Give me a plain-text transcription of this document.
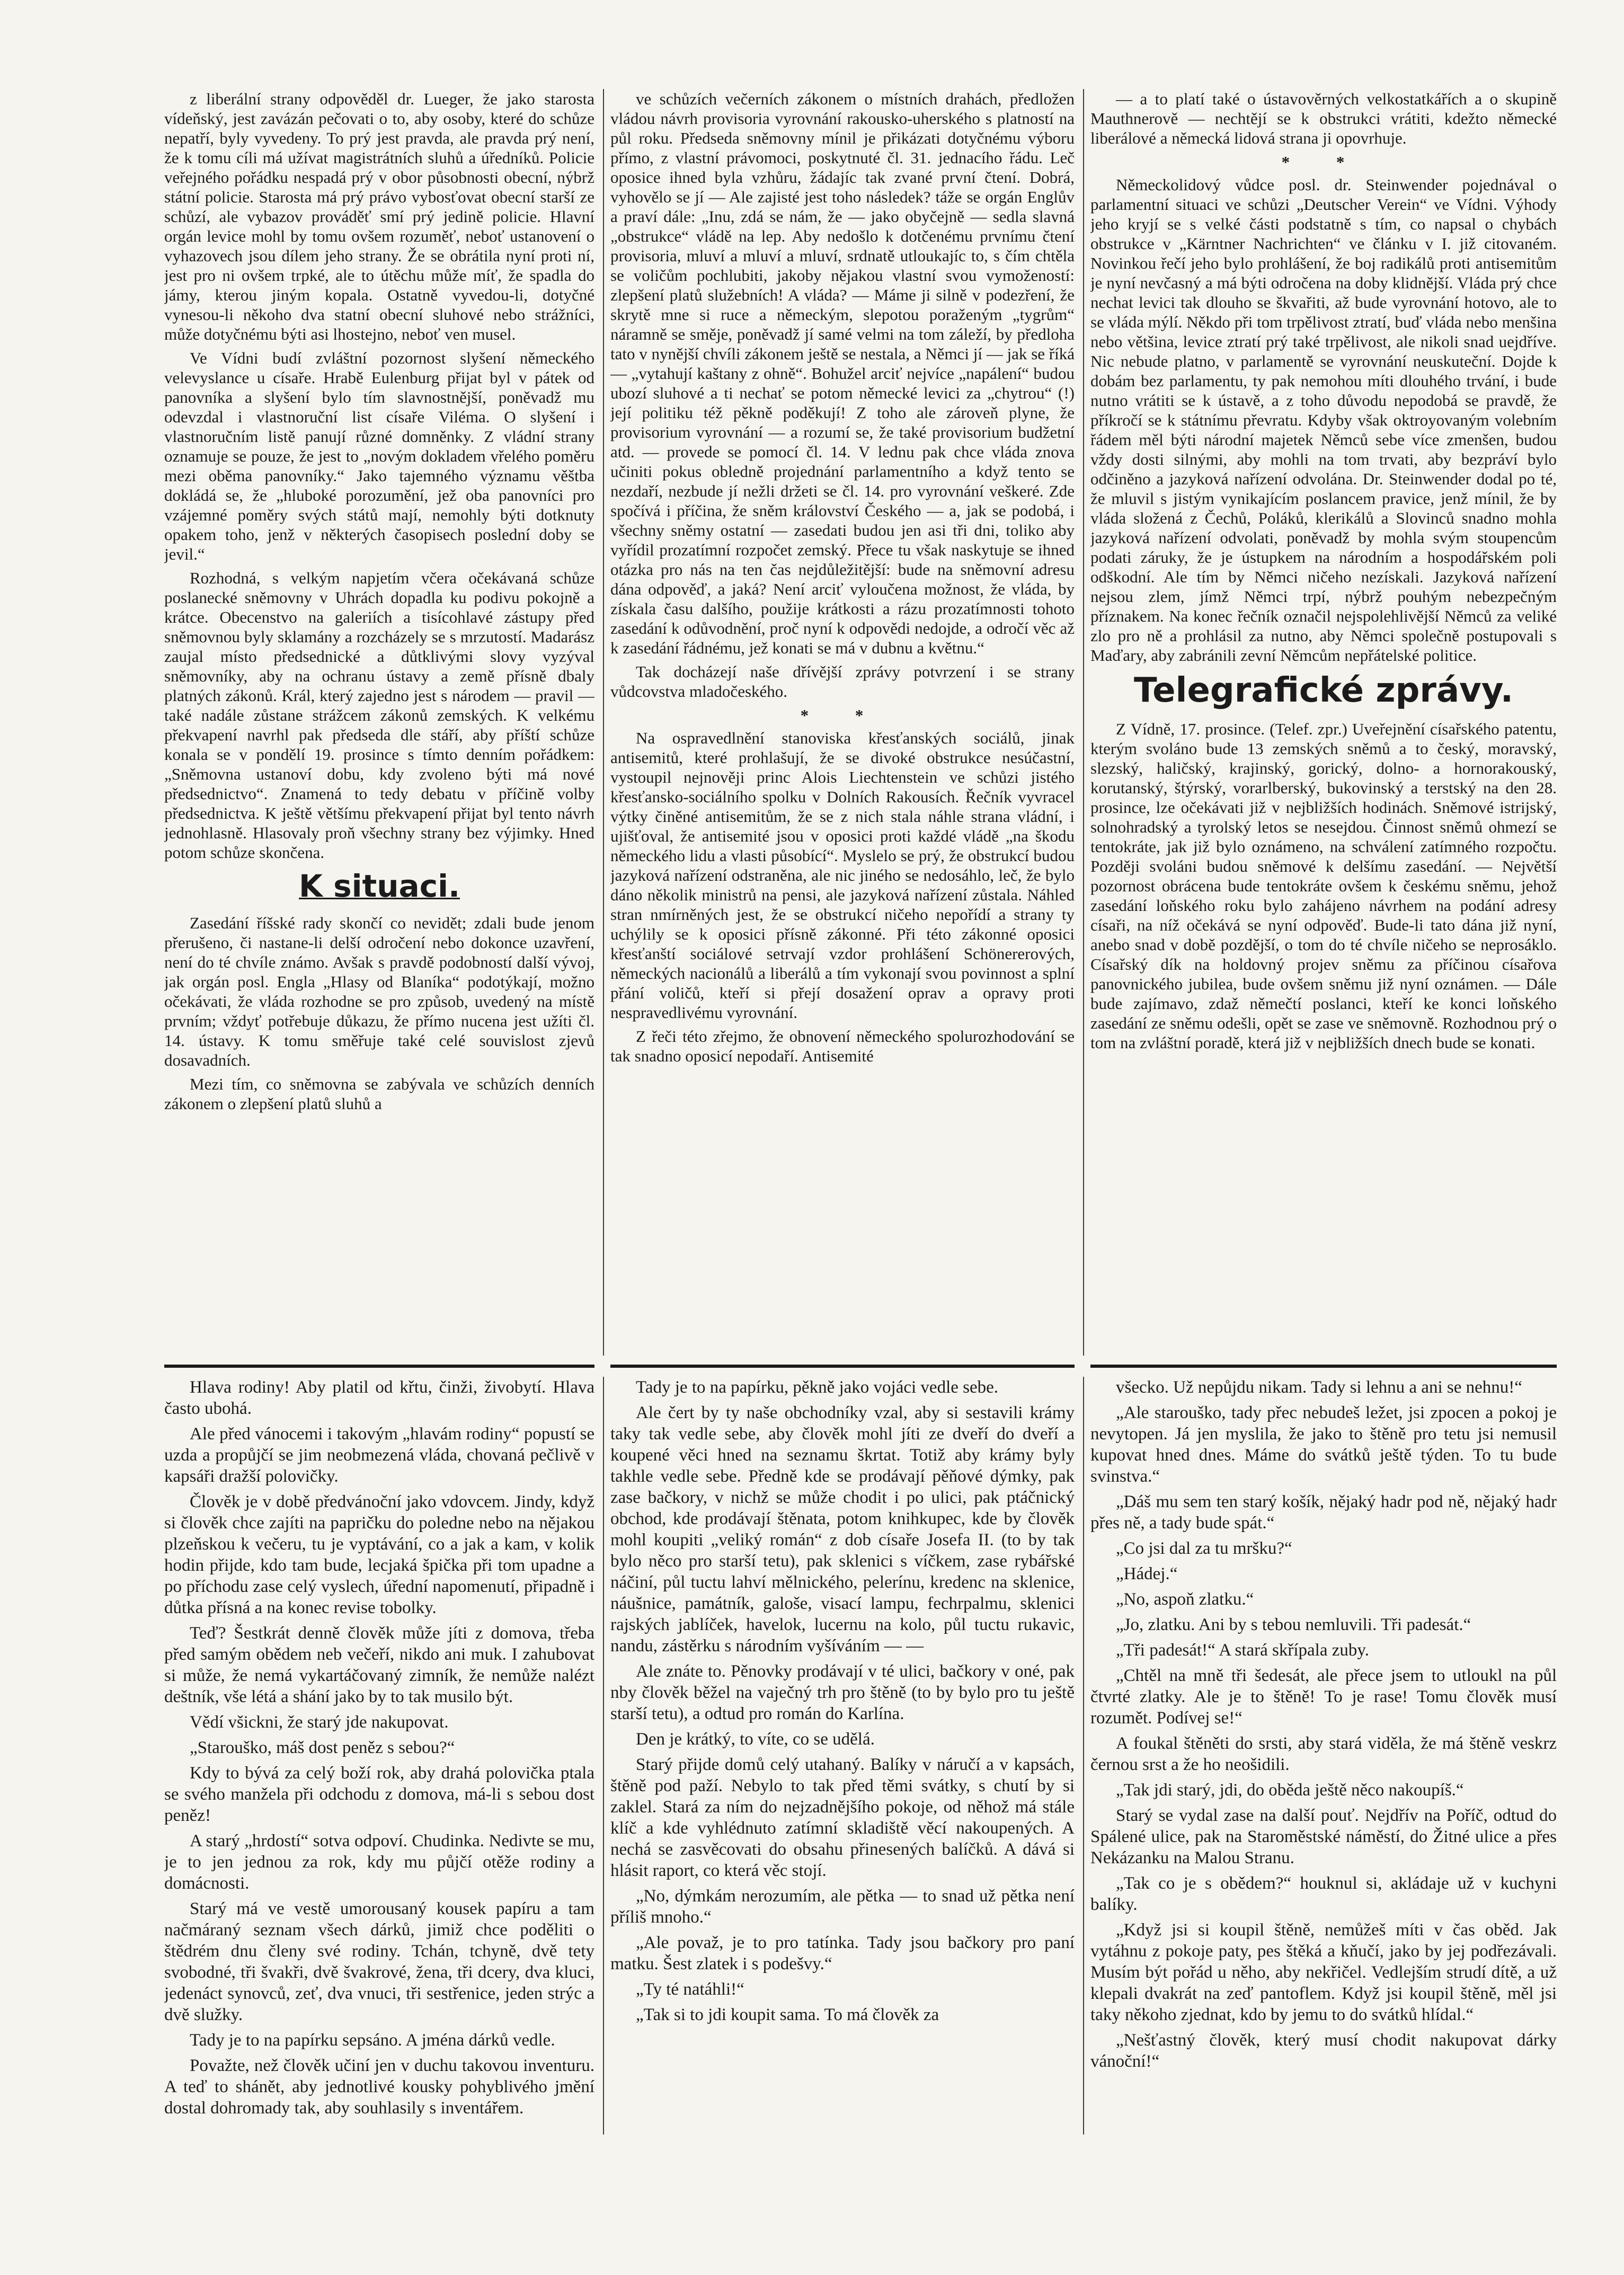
z liberální strany odpověděl dr. Lueger, že jako starosta vídeňský, jest zavázán pečovati o to, aby osoby, které do schůze nepatří, byly vyvedeny. To prý jest pravda, ale pravda prý není, že k tomu cíli má užívat magistrátních sluhů a úředníků. Policie veřejného pořádku nespadá prý v obor působnosti obecní, nýbrž státní policie. Starosta má prý právo vybosťovat obecní starší ze schůzí, ale vybazov prováděť smí prý jedině policie. Hlavní orgán levice mohl by tomu ovšem rozuměť, neboť ustanovení o vyhazovech jsou dílem jeho strany. Že se obrátila nyní proti ní, jest pro ni ovšem trpké, ale to útěchu může míť, že spadla do jámy, kterou jiným kopala. Ostatně vyvedou-li, dotyčné vynesou-li někoho dva statní obecní sluhové nebo strážníci, může dotyčnému býti asi lhostejno, neboť ven musel.

Ve Vídni budí zvláštní pozornost slyšení německého velevyslance u císaře. Hrabě Eulenburg přijat byl v pátek od panovníka a slyšení bylo tím slavnostnější, poněvadž mu odevzdal i vlastnoruční list císaře Viléma. O slyšení i vlastnoručním listě panují různé domněnky. Z vládní strany oznamuje se pouze, že jest to „novým dokladem vřelého poměru mezi oběma panovníky.“ Jako tajemného významu věštba dokládá se, že „hluboké porozumění, jež oba panovníci pro vzájemné poměry svých států mají, nemohly býti dotknuty opakem toho, jenž v některých časopisech poslední doby se jevil.“

Rozhodná, s velkým napjetím včera očekávaná schůze poslanecké sněmovny v Uhrách dopadla ku podivu pokojně a krátce. Obecenstvo na galeriích a tisícohlavé zástupy před sněmovnou byly sklamány a rozcházely se s mrzutostí. Madarász zaujal místo předsednické a důtklivými slovy vyzýval sněmovníky, aby na ochranu ústavy a země přísně dbaly platných zákonů. Král, který zajedno jest s národem — pravil — také nadále zůstane strážcem zákonů zemských. K velkému překvapení navrhl pak předseda dle stáří, aby příští schůze konala se v pondělí 19. prosince s tímto denním pořádkem: „Sněmovna ustanoví dobu, kdy zvoleno býti má nové předsednictvo“. Znamená to tedy debatu v příčině volby předsednictva. K ještě většímu překvapení přijat byl tento návrh jednohlasně. Hlasovaly proň všechny strany bez výjimky. Hned potom schůze skončena.

K situaci.

Zasedání říšské rady skončí co nevidět; zdali bude jenom přerušeno, či nastane-li delší odročení nebo dokonce uzavření, není do té chvíle známo. Avšak s pravdě podobností další vývoj, jak orgán posl. Engla „Hlasy od Blaníka“ podotýkají, možno očekávati, že vláda rozhodne se pro způsob, uvedený na místě prvním; vždyť potřebuje důkazu, že přímo nucena jest užíti čl. 14. ústavy. K tomu směřuje také celé souvislost zjevů dosavadních.

Mezi tím, co sněmovna se zabývala ve schůzích denních zákonem o zlepšení platů sluhů a

ve schůzích večerních zákonem o místních drahách, předložen vládou návrh provisoria vyrovnání rakousko-uherského s platností na půl roku. Předseda sněmovny mínil je přikázati dotyčnému výboru přímo, z vlastní právomoci, poskytnuté čl. 31. jednacího řádu. Leč oposice ihned byla vzhůru, žádajíc tak zvané první čtení. Dobrá, vyhovělo se jí — Ale zajisté jest toho následek? táže se orgán Englův a praví dále: „Inu, zdá se nám, že — jako obyčejně — sedla slavná „obstrukce“ vládě na lep. Aby nedošlo k dotčenému prvnímu čtení provisoria, mluví a mluví a mluví, srdnatě utloukajíc to, s čím chtěla se voličům pochlubiti, jakoby nějakou vlastní svou vymožeností: zlepšení platů služebních! A vláda? — Máme ji silně v podezření, že skrytě mne si ruce a německým, slepotou poraženým „tygrům“ náramně se směje, poněvadž jí samé velmi na tom záleží, by předloha tato v nynější chvíli zákonem ještě se nestala, a Němci jí — jak se říká — „vytahují kaštany z ohně“. Bohužel arciť nejvíce „napálení“ budou ubozí sluhové a ti nechať se potom německé levici za „chytrou“ (!) její politiku též pěkně poděkují! Z toho ale zároveň plyne, že provisorium vyrovnání — a rozumí se, že také provisorium budžetní atd. — provede se pomocí čl. 14. V lednu pak chce vláda znova učiniti pokus obledně projednání parlamentního a když tento se nezdaří, nezbude jí nežli držeti se čl. 14. pro vyrovnání veškeré. Zde spočívá i příčina, že sněm království Českého — a, jak se podobá, i všechny sněmy ostatní — zasedati budou jen asi tři dni, toliko aby vyřídil prozatímní rozpočet zemský. Přece tu však naskytuje se ihned otázka pro nás na ten čas nejdůležitější: bude na sněmovní adresu dána odpověď, a jaká? Není arciť vyloučena možnost, že vláda, by získala času dalšího, použije krátkosti a rázu prozatímnosti tohoto zasedání k odůvodnění, proč nyní k odpovědi nedojde, a odročí věc až k zasedání řádnému, jež konati se má v dubnu a květnu.“

Tak docházejí naše dřívější zprávy potvrzení i se strany vůdcovstva mladočeského.

* *

Na ospravedlnění stanoviska křesťanských sociálů, jinak antisemitů, které prohlašují, že se divoké obstrukce nesúčastní, vystoupil nejnověji princ Alois Liechtenstein ve schůzi jistého křesťansko-sociálního spolku v Dolních Rakousích. Řečník vyvracel výtky činěné antisemitům, že se z nich stala náhle strana vládní, i ujišťoval, že antisemité jsou v oposici proti každé vládě „na škodu německého lidu a vlasti působící“. Myslelo se prý, že obstrukcí budou jazyková nařízení odstraněna, ale nic jiného se nedosáhlo, leč, že bylo dáno několik ministrů na pensi, ale jazyková nařízení zůstala. Náhled stran nmírněných jest, že se obstrukcí ničeho nepořídí a strany ty uchýlily se k oposici přísně zákonné. Při této zákonné oposici křesťanští sociálové setrvají vzdor prohlášení Schönererových, německých nacionálů a liberálů a tím vykonají svou povinnost a splní přání voličů, kteří si přejí dosažení oprav a opravy proti nespravedlivému vyrovnání.

Z řeči této zřejmo, že obnovení německého spolurozhodování se tak snadno oposicí nepodaří. Antisemité

— a to platí také o ústavověrných velkostatkářích a o skupině Mauthnerově — nechtějí se k obstrukci vrátiti, kdežto německé liberálové a německá lidová strana ji opovrhuje.

* *

Německolidový vůdce posl. dr. Steinwender pojednával o parlamentní situaci ve schůzi „Deutscher Verein“ ve Vídni. Výhody jeho kryjí se s velké části podstatně s tím, co napsal o chybách obstrukce v „Kärntner Nachrichten“ ve článku v I. již citovaném. Novinkou řečí jeho bylo prohlášení, že boj radikálů proti antisemitům je nyní nevčasný a má býti odročena na doby klidnější. Vláda prý chce nechat levici tak dlouho se škvařiti, až bude vyrovnání hotovo, ale to se vláda mýlí. Někdo při tom trpělivost ztratí, buď vláda nebo menšina nebo většina, levice ztratí prý také trpělivost, ale nikoli snad uejdříve. Nic nebude platno, v parlamentě se vyrovnání neuskuteční. Dojde k dobám bez parlamentu, ty pak nemohou míti dlouhého trvání, i bude nutno vrátiti se k ústavě, a z toho důvodu nepodobá se pravdě, že příkročí se k státnímu převratu. Kdyby však oktroyovaným volebním řádem měl býti národní majetek Němců sebe více zmenšen, budou vždy dosti silnými, aby mohli na tom trvati, aby bezpráví bylo odčiněno a jazyková nařízení odvolána. Dr. Steinwender dodal po té, že mluvil s jistým vynikajícím poslancem pravice, jenž mínil, že by vláda složená z Čechů, Poláků, klerikálů a Slovinců snadno mohla jazyková nařízení odvolati, poněvadž by mohla svým stoupencům podati záruky, že je ústupkem na národním a hospodářském poli odškodní. Ale tím by Němci ničeho nezískali. Jazyková nařízení nejsou zlem, jímž Němci trpí, nýbrž pouhým nebezpečným příznakem. Na konec řečník označil nejspolehlivější Němců za veliké zlo pro ně a prohlásil za nutno, aby Němci společně postupovali s Maďary, aby zabránili zevní Němcům nepřátelské politice.

Telegrafické zprávy.

Z Vídně, 17. prosince. (Telef. zpr.) Uveřejnění císařského patentu, kterým svoláno bude 13 zemských sněmů a to český, moravský, slezský, haličský, krajinský, gorický, dolno- a hornorakouský, korutanský, štýrský, vorarlberský, bukovinský a terstský na den 28. prosince, lze očekávati již v nejbližších hodinách. Sněmové istrijský, solnohradský a tyrolský letos se nesejdou. Činnost sněmů ohmezí se tentokráte, jak již bylo oznámeno, na schválení zatímného rozpočtu. Později svoláni budou sněmové k delšímu zasedání. — Největší pozornost obrácena bude tentokráte ovšem k českému sněmu, jehož zasedání loňského roku bylo zahájeno návrhem na podání adresy císaři, na níž očekává se nyní odpověď. Bude-li tato dána již nyní, anebo snad v době pozdější, o tom do té chvíle ničeho se neprosáklo. Císařský dík na holdovný projev sněmu za příčinou císařova panovnického jubilea, bude ovšem sněmu již nyní oznámen. — Dále bude zajímavo, zdaž němečtí poslanci, kteří ke konci loňského zasedání ze sněmu odešli, opět se zase ve sněmovně. Rozhodnou prý o tom na zvláštní poradě, která již v nejbližších dnech bude se konati.

Hlava rodiny! Aby platil od křtu, činži, živobytí. Hlava často ubohá.

Ale před vánocemi i takovým „hlavám rodiny“ popustí se uzda a propůjčí se jim neobmezená vláda, chovaná pečlivě v kapsáři dražší polovičky.

Člověk je v době předvánoční jako vdovcem. Jindy, když si člověk chce zajíti na papričku do poledne nebo na nějakou plzeňskou k večeru, tu je vyptávání, co a jak a kam, v kolik hodin přijde, kdo tam bude, lecjaká špička při tom upadne a po příchodu zase celý vyslech, úřední napomenutí, připadně i důtka přísná a na konec revise tobolky.

Teď? Šestkrát denně člověk může jíti z domova, třeba před samým obědem neb večeří, nikdo ani muk. I zahubovat si může, že nemá vykartáčovaný zimník, že nemůže nalézt deštník, vše létá a shání jako by to tak musilo být.

Vědí všickni, že starý jde nakupovat.

„Starouško, máš dost peněz s sebou?“

Kdy to bývá za celý boží rok, aby drahá polovička ptala se svého manžela při odchodu z domova, má-li s sebou dost peněz!

A starý „hrdostí“ sotva odpoví. Chudinka. Nedivte se mu, je to jen jednou za rok, kdy mu půjčí otěže rodiny a domácnosti.

Starý má ve vestě umorousaný kousek papíru a tam načmáraný seznam všech dárků, jimiž chce poděliti o štědrém dnu členy své rodiny. Tchán, tchyně, dvě tety svobodné, tři švakři, dvě švakrové, žena, tři dcery, dva kluci, jedenáct synovců, zeť, dva vnuci, tři sestřenice, jeden strýc a dvě služky.

Tady je to na papírku sepsáno. A jména dárků vedle.

Považte, než člověk učiní jen v duchu takovou inventuru. A teď to shánět, aby jednotlivé kousky pohyblivého jmění dostal dohromady tak, aby souhlasily s inventářem.

Tady je to na papírku, pěkně jako vojáci vedle sebe.

Ale čert by ty naše obchodníky vzal, aby si sestavili krámy taky tak vedle sebe, aby člověk mohl jíti ze dveří do dveří a koupené věci hned na seznamu škrtat. Totiž aby krámy byly takhle vedle sebe. Předně kde se prodávají pěňové dýmky, pak zase bačkory, v nichž se může chodit i po ulici, pak ptáčnický obchod, kde prodávají štěnata, potom knihkupec, kde by člověk mohl koupiti „veliký román“ z dob císaře Josefa II. (to by tak bylo něco pro starší tetu), pak sklenici s víčkem, zase rybářské náčiní, půl tuctu lahví mělnického, pelerínu, kredenc na sklenice, náušnice, památník, galoše, visací lampu, fechrpalmu, sklenici rajských jablíček, havelok, lucernu na kolo, půl tuctu rukavic, nandu, zástěrku s národním vyšíváním — —

Ale znáte to. Pěnovky prodávají v té ulici, bačkory v oné, pak nby člověk běžel na vaječný trh pro štěně (to by bylo pro tu ještě starší tetu), a odtud pro román do Karlína.

Den je krátký, to víte, co se udělá.

Starý přijde domů celý utahaný. Balíky v náručí a v kapsách, štěně pod paží. Nebylo to tak před těmi svátky, s chutí by si zaklel. Stará za ním do nejzadnějšího pokoje, od něhož má stále klíč a kde vyhlédnuto zatímní skladiště věcí nakoupených. A nechá se zasvěcovati do obsahu přinesených balíčků. A dává si hlásit raport, co která věc stojí.

„No, dýmkám nerozumím, ale pětka — to snad už pětka není příliš mnoho.“

„Ale považ, je to pro tatínka. Tady jsou bačkory pro paní matku. Šest zlatek i s podešvy.“

„Ty té natáhli!“

„Tak si to jdi koupit sama. To má člověk za

všecko. Už nepůjdu nikam. Tady si lehnu a ani se nehnu!“

„Ale starouško, tady přec nebudeš ležet, jsi zpocen a pokoj je nevytopen. Já jen myslila, že jako to štěně pro tetu jsi nemusil kupovat hned dnes. Máme do svátků ještě týden. To tu bude svinstva.“

„Dáš mu sem ten starý košík, nějaký hadr pod ně, nějaký hadr přes ně, a tady bude spát.“

„Co jsi dal za tu mršku?“

„Hádej.“

„No, aspoň zlatku.“

„Jo, zlatku. Ani by s tebou nemluvili. Tři padesát.“

„Tři padesát!“ A stará skřípala zuby.

„Chtěl na mně tři šedesát, ale přece jsem to utloukl na půl čtvrté zlatky. Ale je to štěně! To je rase! Tomu člověk musí rozumět. Podívej se!“

A foukal štěněti do srsti, aby stará viděla, že má štěně veskrz černou srst a že ho neošidili.

„Tak jdi starý, jdi, do oběda ještě něco nakoupíš.“

Starý se vydal zase na další pouť. Nejdřív na Poříč, odtud do Spálené ulice, pak na Staroměstské náměstí, do Žitné ulice a přes Nekázanku na Malou Stranu.

„Tak co je s obědem?“ houknul si, akládaje už v kuchyni balíky.

„Když jsi si koupil štěně, nemůžeš míti v čas oběd. Jak vytáhnu z pokoje paty, pes štěká a kňučí, jako by jej podřezávali. Musím být pořád u něho, aby nekřičel. Vedlejším strudí dítě, a už klepali dvakrát na zeď pantoflem. Když jsi koupil štěně, měl jsi taky někoho zjednat, kdo by jemu to do svátků hlídal.“

„Nešťastný člověk, který musí chodit nakupovat dárky vánoční!“
